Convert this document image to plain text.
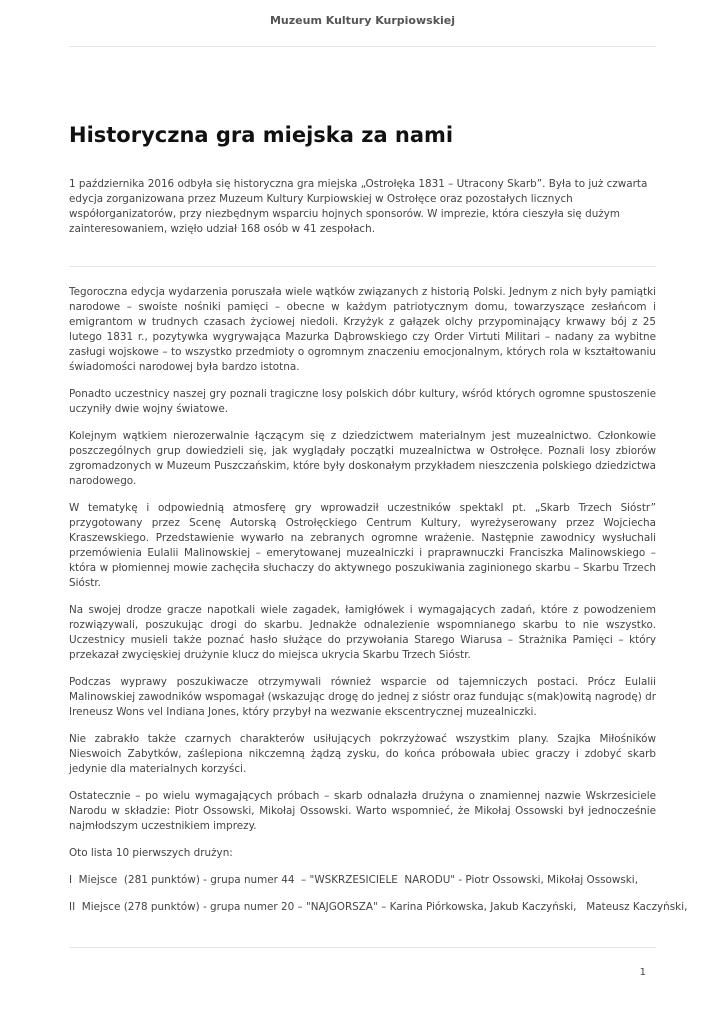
Muzeum Kultury Kurpiowskiej
Historyczna gra miejska za nami

1 października 2016 odbyła się historyczna gra miejska „Ostrołęka 1831 – Utracony Skarb”. Była to już czwarta edycja zorganizowana przez Muzeum Kultury Kurpiowskiej w Ostrołęce oraz pozostałych licznych współorganizatorów, przy niezbędnym wsparciu hojnych sponsorów. W imprezie, która cieszyła się dużym zainteresowaniem, wzięło udział 168 osób w 41 zespołach.

Tegoroczna edycja wydarzenia poruszała wiele wątków związanych z historią Polski. Jednym z nich były pamiątki narodowe – swoiste nośniki pamięci – obecne w każdym patriotycznym domu, towarzyszące zesłańcom i emigrantom w trudnych czasach życiowej niedoli. Krzyżyk z gałązek olchy przypominający krwawy bój z 25 lutego 1831 r., pozytywka wygrywająca Mazurka Dąbrowskiego czy Order Virtuti Militari – nadany za wybitne zasługi wojskowe – to wszystko przedmioty o ogromnym znaczeniu emocjonalnym, których rola w kształtowaniu świadomości narodowej była bardzo istotna.

Ponadto uczestnicy naszej gry poznali tragiczne losy polskich dóbr kultury, wśród których ogromne spustoszenie uczyniły dwie wojny światowe.

Kolejnym wątkiem nierozerwalnie łączącym się z dziedzictwem materialnym jest muzealnictwo. Członkowie poszczególnych grup dowiedzieli się, jak wyglądały początki muzealnictwa w Ostrołęce. Poznali losy zbiorów zgromadzonych w Muzeum Puszczańskim, które były doskonałym przykładem nieszczenia polskiego dziedzictwa narodowego.

W tematykę i odpowiednią atmosferę gry wprowadził uczestników spektakl pt. „Skarb Trzech Sióstr” przygotowany przez Scenę Autorską Ostrołęckiego Centrum Kultury, wyreżyserowany przez Wojciecha Kraszewskiego. Przedstawienie wywarło na zebranych ogromne wrażenie. Następnie zawodnicy wysłuchali przemówienia Eulalii Malinowskiej – emerytowanej muzealniczki i praprawnuczki Franciszka Malinowskiego – która w płomiennej mowie zachęciła słuchaczy do aktywnego poszukiwania zaginionego skarbu – Skarbu Trzech Sióstr.

Na swojej drodze gracze napotkali wiele zagadek, łamigłówek i wymagających zadań, które z powodzeniem rozwiązywali, poszukując drogi do skarbu. Jednakże odnalezienie wspomnianego skarbu to nie wszystko. Uczestnicy musieli także poznać hasło służące do przywołania Starego Wiarusa – Strażnika Pamięci – który przekazał zwycięskiej drużynie klucz do miejsca ukrycia Skarbu Trzech Sióstr.

Podczas wyprawy poszukiwacze otrzymywali również wsparcie od tajemniczych postaci. Prócz Eulalii Malinowskiej zawodników wspomagał (wskazując drogę do jednej z sióstr oraz fundując s(mak)owitą nagrodę) dr Ireneusz Wons vel Indiana Jones, który przybył na wezwanie ekscentrycznej muzealniczki.

Nie zabrakło także czarnych charakterów usiłujących pokrzyżować wszystkim plany. Szajka Miłośników Nieswoich Zabytków, zaślepiona nikczemną żądzą zysku, do końca próbowała ubiec graczy i zdobyć skarb jedynie dla materialnych korzyści.

Ostatecznie – po wielu wymagających próbach – skarb odnalazła drużyna o znamiennej nazwie Wskrzesiciele Narodu w składzie: Piotr Ossowski, Mikołaj Ossowski. Warto wspomnieć, że Mikołaj Ossowski był jednocześnie najmłodszym uczestnikiem imprezy.

Oto lista 10 pierwszych drużyn:

I  Miejsce  (281 punktów) - grupa numer 44  – "WSKRZESICIELE  NARODU" - Piotr Ossowski, Mikołaj Ossowski,

II  Miejsce (278 punktów) - grupa numer 20 – "NAJGORSZA" – Karina Piórkowska, Jakub Kaczyński,   Mateusz Kaczyński,

1
